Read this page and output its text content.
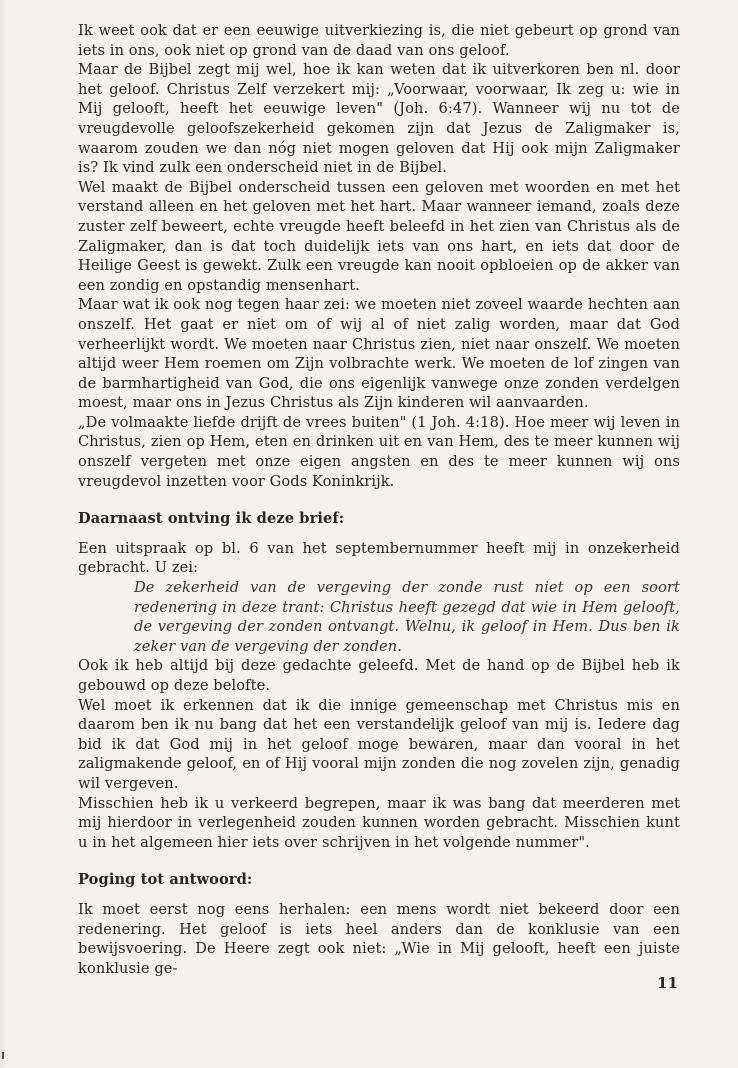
Ik weet ook dat er een eeuwige uitverkiezing is, die niet gebeurt op grond van iets in ons, ook niet op grond van de daad van ons geloof.

Maar de Bijbel zegt mij wel, hoe ik kan weten dat ik uitverkoren ben nl. door het geloof. Christus Zelf verzekert mij: „Voorwaar, voorwaar, Ik zeg u: wie in Mij gelooft, heeft het eeuwige leven" (Joh. 6:47). Wanneer wij nu tot de vreugdevolle geloofszekerheid gekomen zijn dat Jezus de Zaligmaker is, waarom zouden we dan nóg niet mogen geloven dat Hij ook mijn Zaligmaker is? Ik vind zulk een onderscheid niet in de Bijbel.

Wel maakt de Bijbel onderscheid tussen een geloven met woorden en met het verstand alleen en het geloven met het hart. Maar wanneer iemand, zoals deze zuster zelf beweert, echte vreugde heeft beleefd in het zien van Christus als de Zaligmaker, dan is dat toch duidelijk iets van ons hart, en iets dat door de Heilige Geest is gewekt. Zulk een vreugde kan nooit opbloeien op de akker van een zondig en opstandig mensenhart.

Maar wat ik ook nog tegen haar zei: we moeten niet zoveel waarde hechten aan onszelf. Het gaat er niet om of wij al of niet zalig worden, maar dat God verheerlijkt wordt. We moeten naar Christus zien, niet naar onszelf. We moeten altijd weer Hem roemen om Zijn volbrachte werk. We moeten de lof zingen van de barmhartigheid van God, die ons eigenlijk vanwege onze zonden verdelgen moest, maar ons in Jezus Christus als Zijn kinderen wil aanvaarden.

„De volmaakte liefde drijft de vrees buiten" (1 Joh. 4:18). Hoe meer wij leven in Christus, zien op Hem, eten en drinken uit en van Hem, des te meer kunnen wij onszelf vergeten met onze eigen angsten en des te meer kunnen wij ons vreugdevol inzetten voor Gods Koninkrijk.

Daarnaast ontving ik deze brief:

Een uitspraak op bl. 6 van het septembernummer heeft mij in onzekerheid gebracht. U zei:

De zekerheid van de vergeving der zonde rust niet op een soort redenering in deze trant: Christus heeft gezegd dat wie in Hem gelooft, de vergeving der zonden ontvangt. Welnu, ik geloof in Hem. Dus ben ik zeker van de vergeving der zonden.

Ook ik heb altijd bij deze gedachte geleefd. Met de hand op de Bijbel heb ik gebouwd op deze belofte.

Wel moet ik erkennen dat ik die innige gemeenschap met Christus mis en daarom ben ik nu bang dat het een verstandelijk geloof van mij is. Iedere dag bid ik dat God mij in het geloof moge bewaren, maar dan vooral in het zaligmakende geloof, en of Hij vooral mijn zonden die nog zovelen zijn, genadig wil vergeven.

Misschien heb ik u verkeerd begrepen, maar ik was bang dat meerderen met mij hierdoor in verlegenheid zouden kunnen worden gebracht. Misschien kunt u in het algemeen hier iets over schrijven in het volgende nummer".

Poging tot antwoord:

Ik moet eerst nog eens herhalen: een mens wordt niet bekeerd door een redenering. Het geloof is iets heel anders dan de konklusie van een bewijsvoering. De Heere zegt ook niet: „Wie in Mij gelooft, heeft een juiste konklusie ge-

11
